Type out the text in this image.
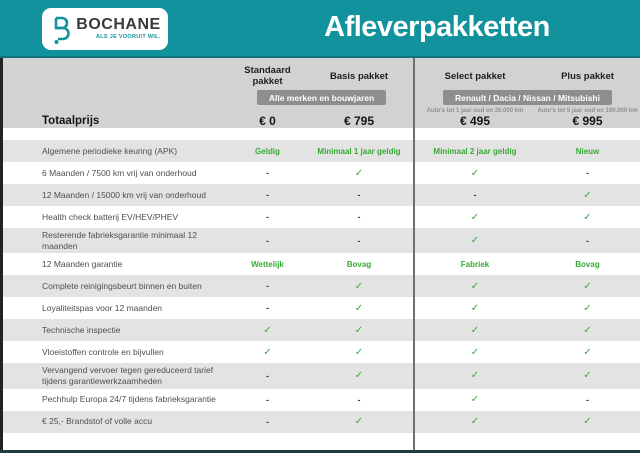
BOCHANE
ALS JE VOORUIT WIL.	Afleverpakketten
Standaard pakket	Basis pakket	Select pakket	Plus pakket
Alle merken en bouwjaren	Renault / Dacia / Nissan / Mitsubishi
Auto's tot 1 jaar oud en 20.000 km	Auto's tot 5 jaar oud en 100.000 km
Totaalprijs	€ 0	€ 795	€ 495	€ 995
Algemene periodieke keuring (APK)	Geldig	Minimaal 1 jaar geldig	Minimaal 2 jaar geldig	Nieuw
6 Maanden / 7500 km vrij van onderhoud	-	✓	✓	-
12 Maanden / 15000 km vrij van onderhoud	-	-	-	✓
Health check batterij EV/HEV/PHEV	-	-	✓	✓
Resterende fabrieksgarantie minimaal 12 maanden	-	-	✓	-
12 Maanden garantie	Wettelijk	Bovag	Fabriek	Bovag
Complete reinigingsbeurt binnen en buiten	-	✓	✓	✓
Loyaliteitspas voor 12 maanden	-	✓	✓	✓
Technische inspectie	✓	✓	✓	✓
Vloeistoffen controle en bijvullen	✓	✓	✓	✓
Vervangend vervoer tegen gereduceerd tarief tijdens garantiewerkzaamheden	-	✓	✓	✓
Pechhulp Europa 24/7 tijdens fabrieksgarantie	-	-	✓	-
€ 25,- Brandstof of volle accu	-	✓	✓	✓
